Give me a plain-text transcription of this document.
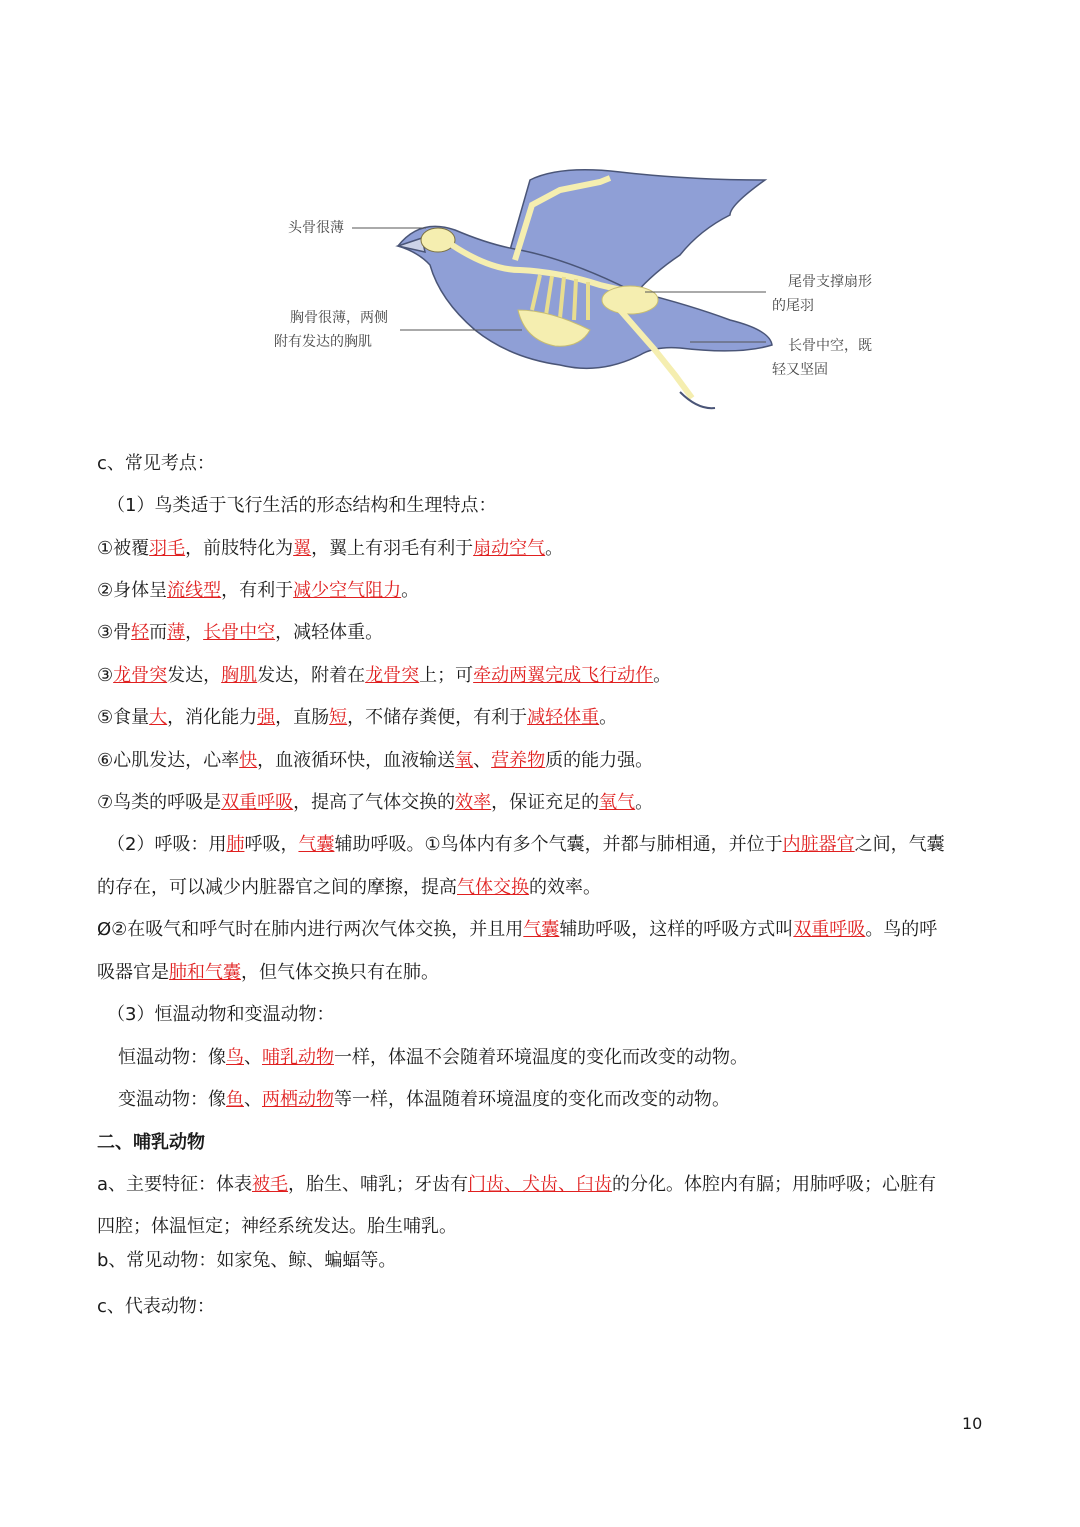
头骨很薄
胸骨很薄，两侧
附有发达的胸肌
尾骨支撑扇形
的尾羽
长骨中空，既
轻又坚固
c、常见考点：
（1）鸟类适于飞行生活的形态结构和生理特点：
①被覆羽毛，前肢特化为翼，翼上有羽毛有利于扇动空气。
②身体呈流线型，有利于减少空气阻力。
③骨轻而薄，长骨中空，减轻体重。
③龙骨突发达，胸肌发达，附着在龙骨突上；可牵动两翼完成飞行动作。
⑤食量大，消化能力强，直肠短，不储存粪便，有利于减轻体重。
⑥心肌发达，心率快，血液循环快，血液输送氧、营养物质的能力强。
⑦鸟类的呼吸是双重呼吸，提高了气体交换的效率，保证充足的氧气。
（2）呼吸：用肺呼吸，气囊辅助呼吸。①鸟体内有多个气囊，并都与肺相通，并位于内脏器官之间，气囊
的存在，可以减少内脏器官之间的摩擦，提高气体交换的效率。
Ø②在吸气和呼气时在肺内进行两次气体交换，并且用气囊辅助呼吸，这样的呼吸方式叫双重呼吸。鸟的呼
吸器官是肺和气囊，但气体交换只有在肺。
（3）恒温动物和变温动物：
恒温动物：像鸟、哺乳动物一样，体温不会随着环境温度的变化而改变的动物。
变温动物：像鱼、两栖动物等一样，体温随着环境温度的变化而改变的动物。
二、哺乳动物
a、主要特征：体表被毛，胎生、哺乳；牙齿有门齿、犬齿、臼齿的分化。体腔内有膈；用肺呼吸；心脏有
四腔；体温恒定；神经系统发达。胎生哺乳。
b、常见动物：如家兔、鲸、蝙蝠等。
c、代表动物：
10
